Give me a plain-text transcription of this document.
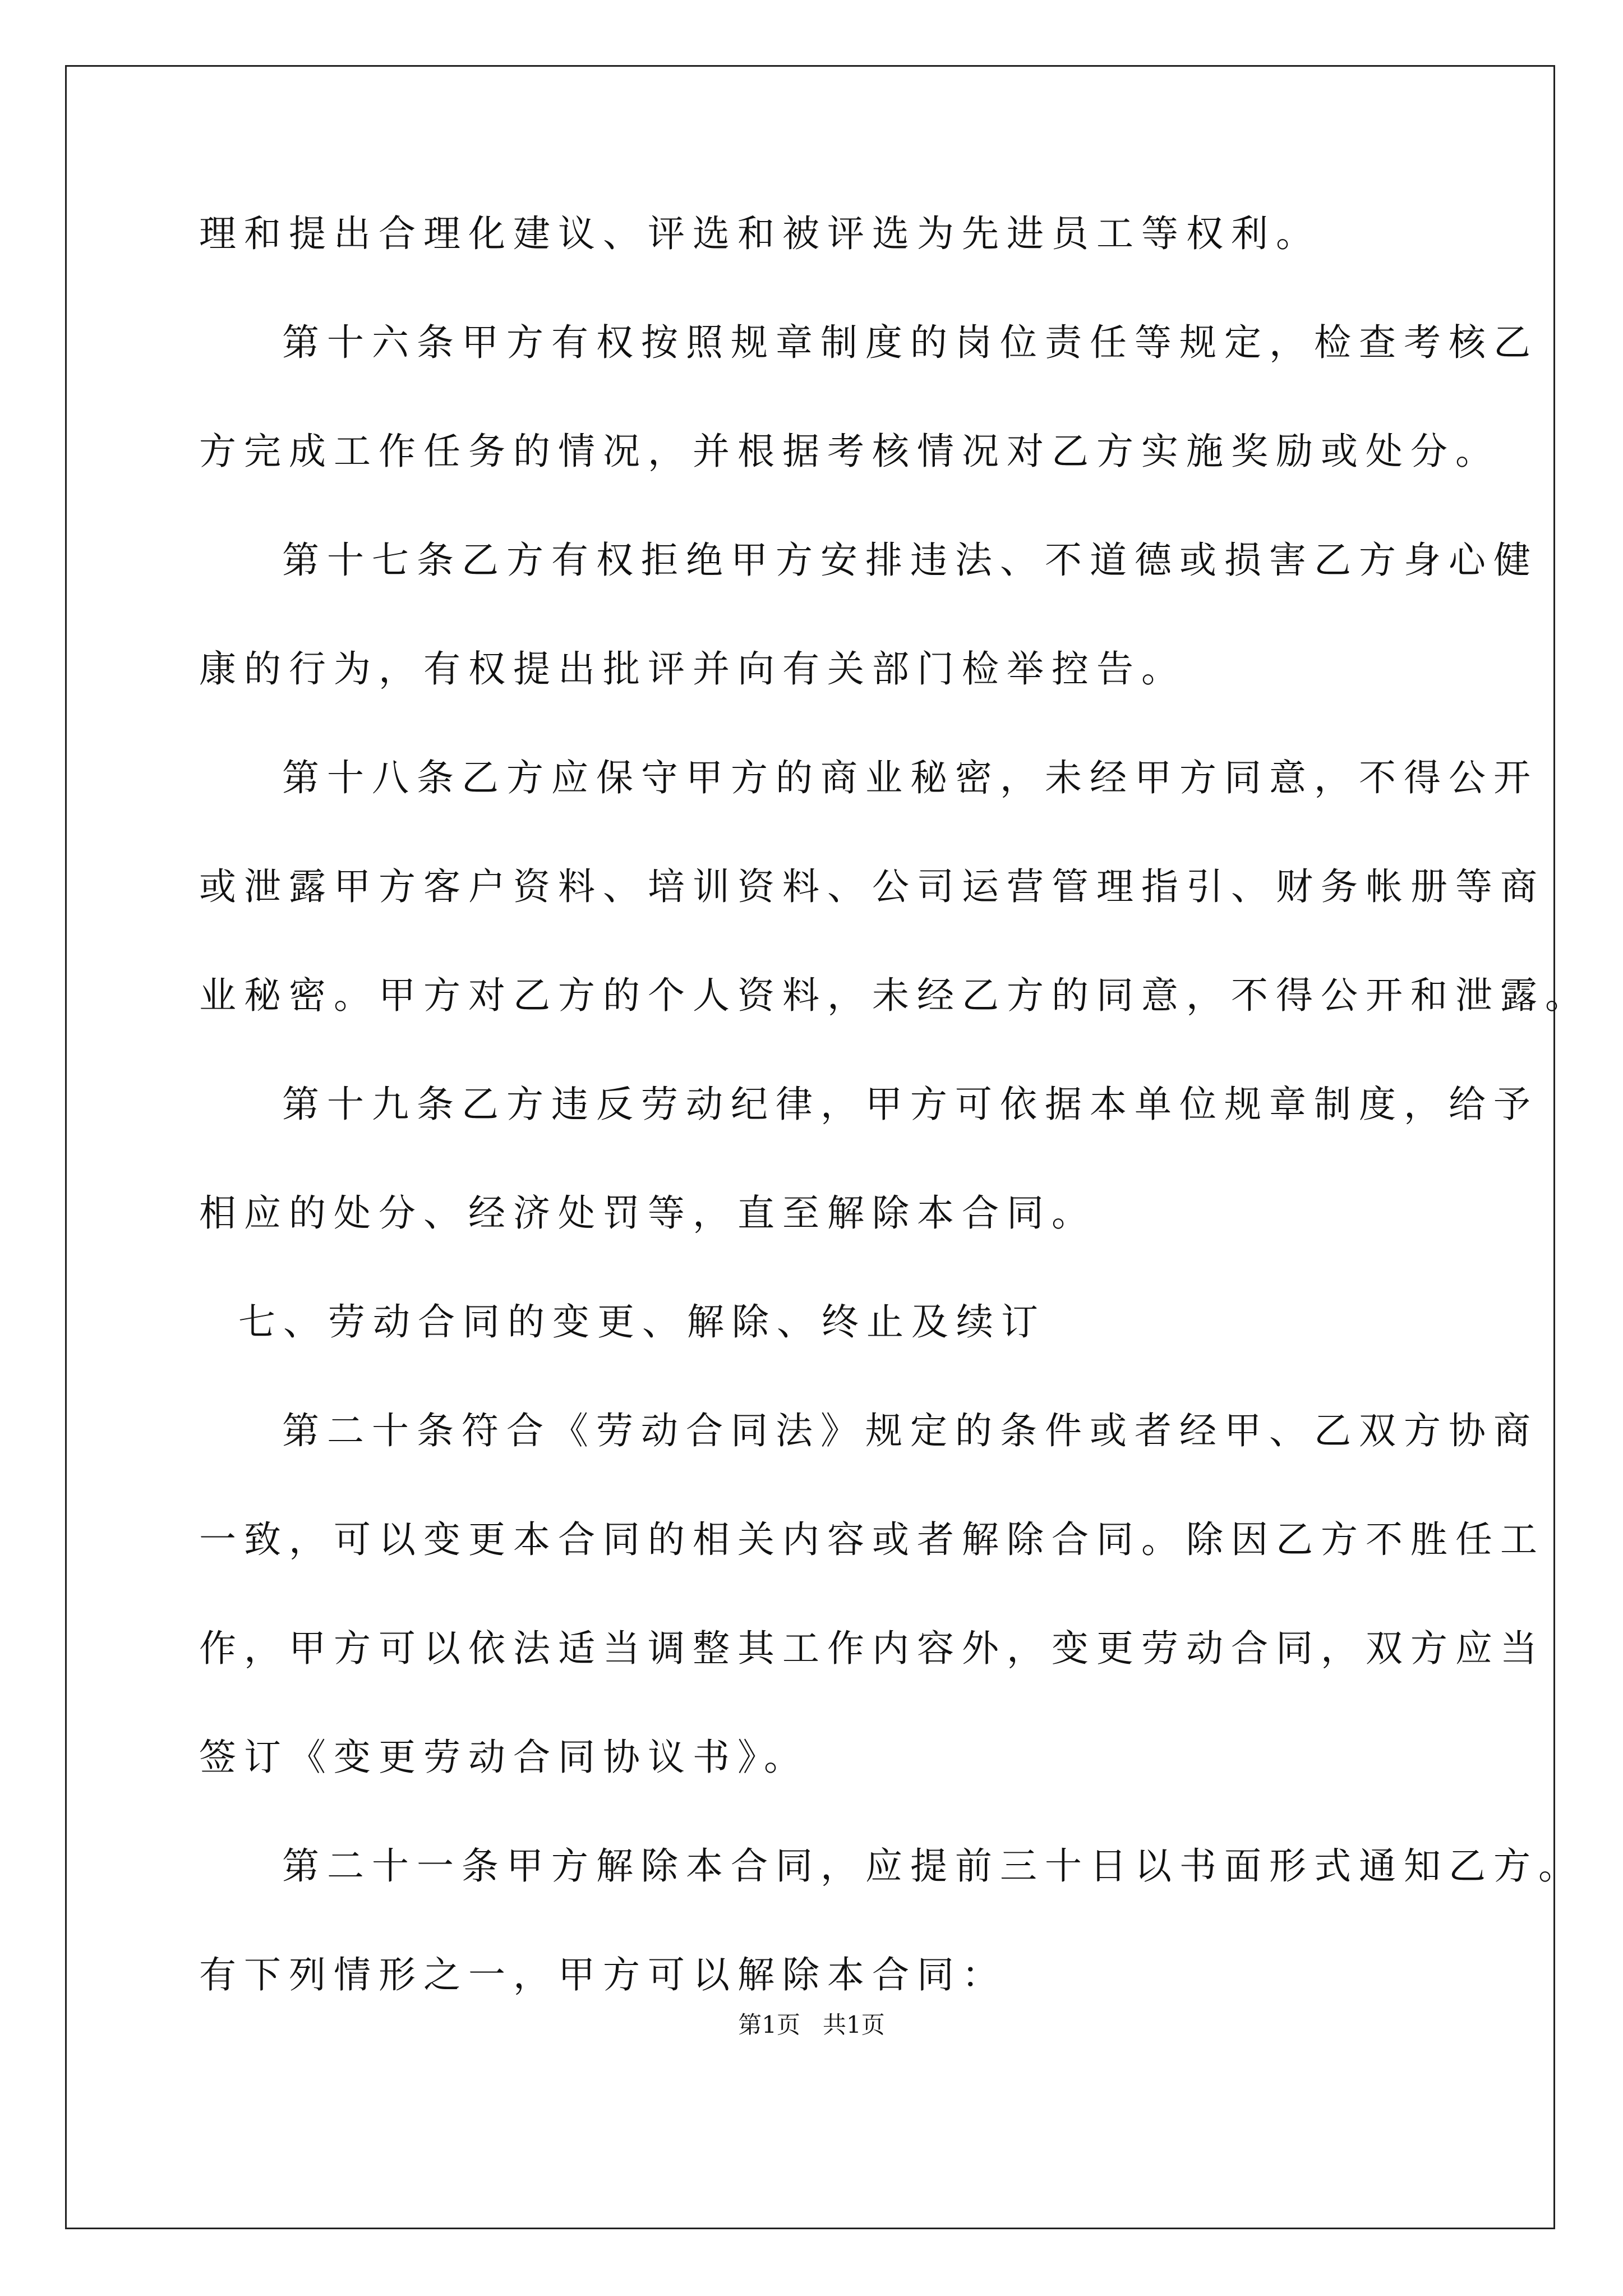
理和提出合理化建议、评选和被评选为先进员工等权利。
第十六条甲方有权按照规章制度的岗位责任等规定，检查考核乙
方完成工作任务的情况，并根据考核情况对乙方实施奖励或处分。
第十七条乙方有权拒绝甲方安排违法、不道德或损害乙方身心健
康的行为，有权提出批评并向有关部门检举控告。
第十八条乙方应保守甲方的商业秘密，未经甲方同意，不得公开
或泄露甲方客户资料、培训资料、公司运营管理指引、财务帐册等商
业秘密。甲方对乙方的个人资料，未经乙方的同意，不得公开和泄露。
第十九条乙方违反劳动纪律，甲方可依据本单位规章制度，给予
相应的处分、经济处罚等，直至解除本合同。
七、劳动合同的变更、解除、终止及续订
第二十条符合《劳动合同法》规定的条件或者经甲、乙双方协商
一致，可以变更本合同的相关内容或者解除合同。除因乙方不胜任工
作，甲方可以依法适当调整其工作内容外，变更劳动合同，双方应当
签订《变更劳动合同协议书》。
第二十一条甲方解除本合同，应提前三十日以书面形式通知乙方。
有下列情形之一，甲方可以解除本合同：
第1页   共1页
